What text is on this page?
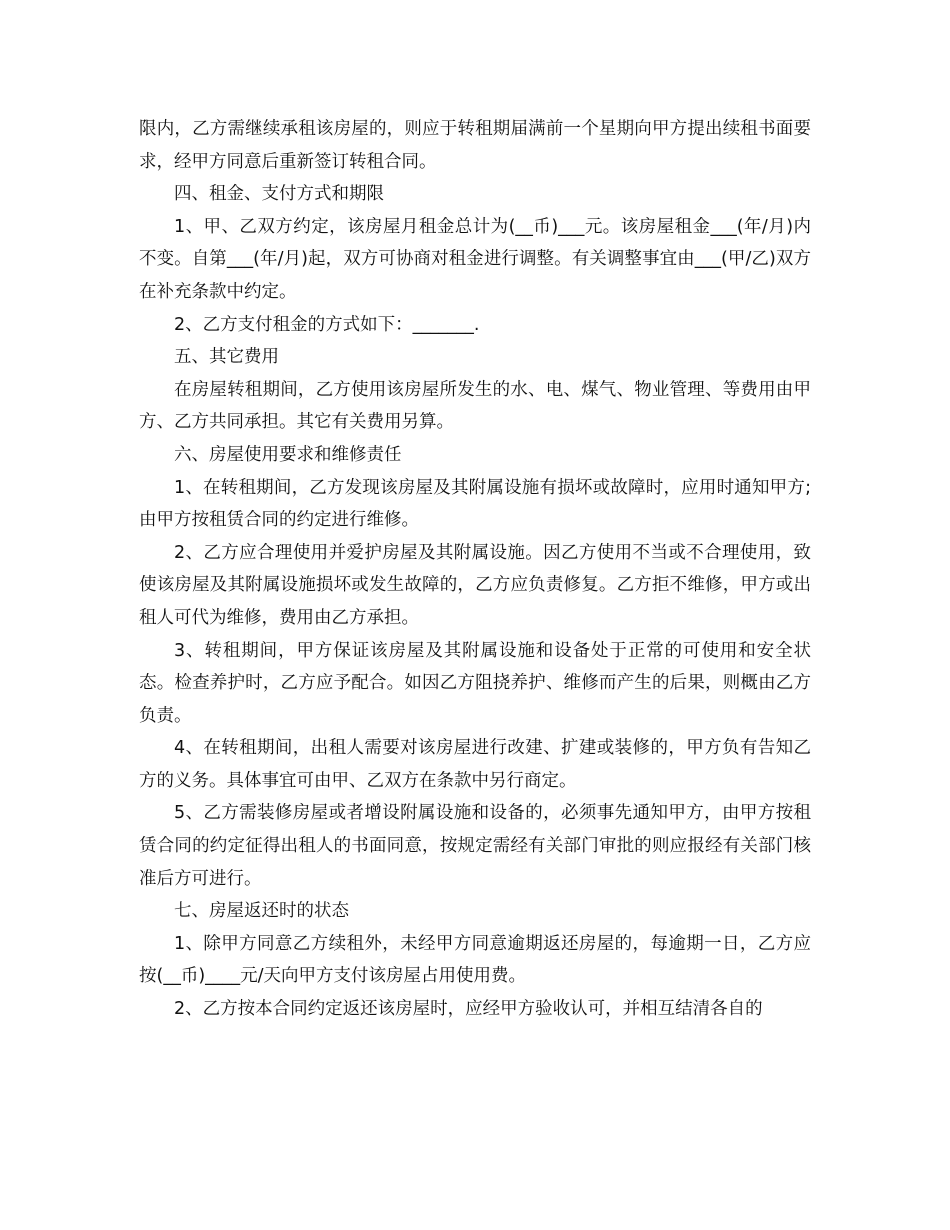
限内，乙方需继续承租该房屋的，则应于转租期届满前一个星期向甲方提出续租书面要求，经甲方同意后重新签订转租合同。

四、租金、支付方式和期限

1、甲、乙双方约定，该房屋月租金总计为(__币)___元。该房屋租金___(年/月)内不变。自第___(年/月)起，双方可协商对租金进行调整。有关调整事宜由___(甲/乙)双方在补充条款中约定。

2、乙方支付租金的方式如下：_______.

五、其它费用

在房屋转租期间，乙方使用该房屋所发生的水、电、煤气、物业管理、等费用由甲方、乙方共同承担。其它有关费用另算。

六、房屋使用要求和维修责任

1、在转租期间，乙方发现该房屋及其附属设施有损坏或故障时，应用时通知甲方;由甲方按租赁合同的约定进行维修。

2、乙方应合理使用并爱护房屋及其附属设施。因乙方使用不当或不合理使用，致使该房屋及其附属设施损坏或发生故障的，乙方应负责修复。乙方拒不维修，甲方或出租人可代为维修，费用由乙方承担。

3、转租期间，甲方保证该房屋及其附属设施和设备处于正常的可使用和安全状态。检查养护时，乙方应予配合。如因乙方阻挠养护、维修而产生的后果，则概由乙方负责。

4、在转租期间，出租人需要对该房屋进行改建、扩建或装修的，甲方负有告知乙方的义务。具体事宜可由甲、乙双方在条款中另行商定。

5、乙方需装修房屋或者增设附属设施和设备的，必须事先通知甲方，由甲方按租赁合同的约定征得出租人的书面同意，按规定需经有关部门审批的则应报经有关部门核准后方可进行。

七、房屋返还时的状态

1、除甲方同意乙方续租外，未经甲方同意逾期返还房屋的，每逾期一日，乙方应按(__币)____元/天向甲方支付该房屋占用使用费。

2、乙方按本合同约定返还该房屋时，应经甲方验收认可，并相互结清各自的
